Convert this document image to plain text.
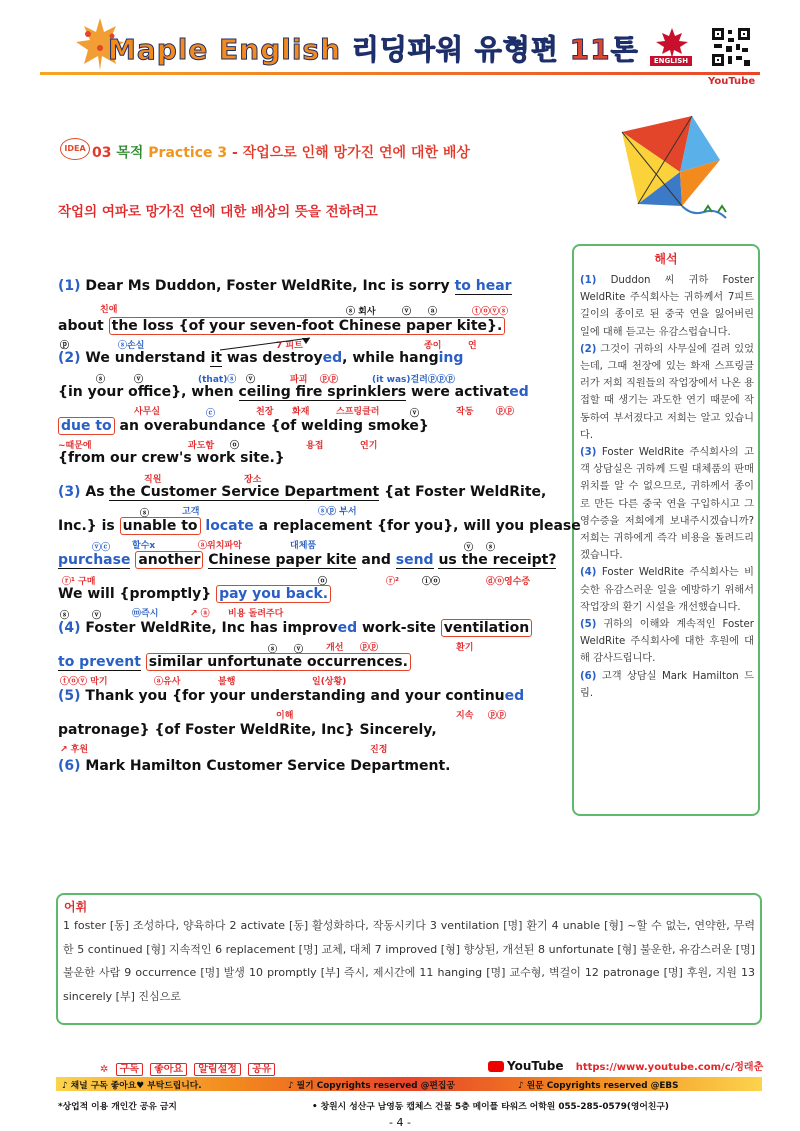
Maple English 리딩파워 유형편 11톤	ENGLISH
YouTube
IDEA 03 목적 Practice 3 - 작업으로 인해 망가진 연에 대한 배상
작업의 여파로 망가진 연에 대한 배상의 뜻을 전하려고
해석
(1) Duddon 씨 귀하 Foster WeldRite 주식회사는 귀하께서 7피트 길이의 종이로 된 중국 연을 잃어버린 일에 대해 듣고는 유감스럽습니다.
(2) 그것이 귀하의 사무실에 걸려 있었는데, 그때 천장에 있는 화재 스프링클러가 저희 직원들의 작업장에서 나온 용접할 때 생기는 과도한 연기 때문에 작동하여 부서졌다고 저희는 알고 있습니다.
(3) Foster WeldRite 주식회사의 고객 상담실은 귀하께 드릴 대체품의 판매 위치를 알 수 없으므로, 귀하께서 종이로 만든 다른 중국 연을 구입하시고 그 영수증을 저희에게 보내주시겠습니까? 저희는 귀하에게 즉각 비용을 돌려드리겠습니다.
(4) Foster WeldRite 주식회사는 비슷한 유감스러운 일을 예방하기 위해서 작업장의 환기 시설을 개선했습니다.
(5) 귀하의 이해와 계속적인 Foster WeldRite 주식회사에 대한 후원에 대해 감사드립니다.
(6) 고객 상담실 Mark Hamilton 드림.
(1) Dear Ms Duddon, Foster WeldRite, Inc is sorry to hear
친애	ⓢ 회사	ⓥ ⓐ	ⓣⓞⓥⓢ
about the loss {of your seven-foot Chinese paper kite}.
ⓟ	ⓢ손실	7 피트	종이	연
(2) We understand it was destroyed, while hanging
ⓢ	ⓥ	(that)ⓢ ⓥ	파괴 ⓟⓟ	(it was)걸려ⓟⓟⓟ
{in your office}, when ceiling fire sprinklers were activated
사무실	ⓒ	천장 화재	스프링클러	ⓥ	작동	ⓟⓟ
due to an overabundance {of welding smoke}
~때문에	과도함 ⓞ	용접	연기
{from our crew's work site.}
직원	장소
(3) As the Customer Service Department {at Foster WeldRite,
ⓢ	고객	ⓢⓟ 부서
Inc.} is unable to locate a replacement {for you}, will you please
ⓥⓒ 할수x	ⓐ위치파악	대체품	ⓥ ⓢ
purchase another Chinese paper kite and send us the receipt?
ⓡ¹ 구매	ⓞ	ⓡ²	ⓘⓞ	ⓓⓞ영수증
We will {promptly} pay you back.
ⓢ	ⓥ	ⓜ즉시	↗ ⓐ 비용 돌려주다
(4) Foster WeldRite, Inc has improved work-site ventilation
ⓢ ⓥ	개선 ⓟⓟ	환기
to prevent similar unfortunate occurrences.
ⓣⓞⓥ 막기	ⓐ유사	불행	일(상황)
(5) Thank you {for your understanding and your continued
이해	지속 ⓟⓟ
patronage} {of Foster WeldRite, Inc} Sincerely,
↗ 후원	진정
(6) Mark Hamilton Customer Service Department.
어휘
1 foster [동] 조성하다, 양육하다 2 activate [동] 활성화하다, 작동시키다 3 ventilation [명] 환기 4 unable [형] ~할 수 없는, 연약한, 무력한 5 continued [형] 지속적인 6 replacement [명] 교체, 대체 7 improved [형] 향상된, 개선된 8 unfortunate [형] 불운한, 유감스러운 [명] 불운한 사람 9 occurrence [명] 발생 10 promptly [부] 즉시, 제시간에 11 hanging [명] 교수형, 벽걸이 12 patronage [명] 후원, 지원 13 sincerely [부] 진심으로
✲ 구독 좋아요 알림설정 공유	YouTube https://www.youtube.com/c/정래춘
♪ 채널 구독 좋아요♥ 부탁드립니다.	♪ 필기 Copyrights reserved @편집공	♪ 원문 Copyrights reserved @EBS
*상업적 이용 개인간 공유 금지	• 창원시 성산구 남영동 캡체스 건물 5층 메이플 타워즈 어학원 055-285-0579(영어친구)
- 4 -
